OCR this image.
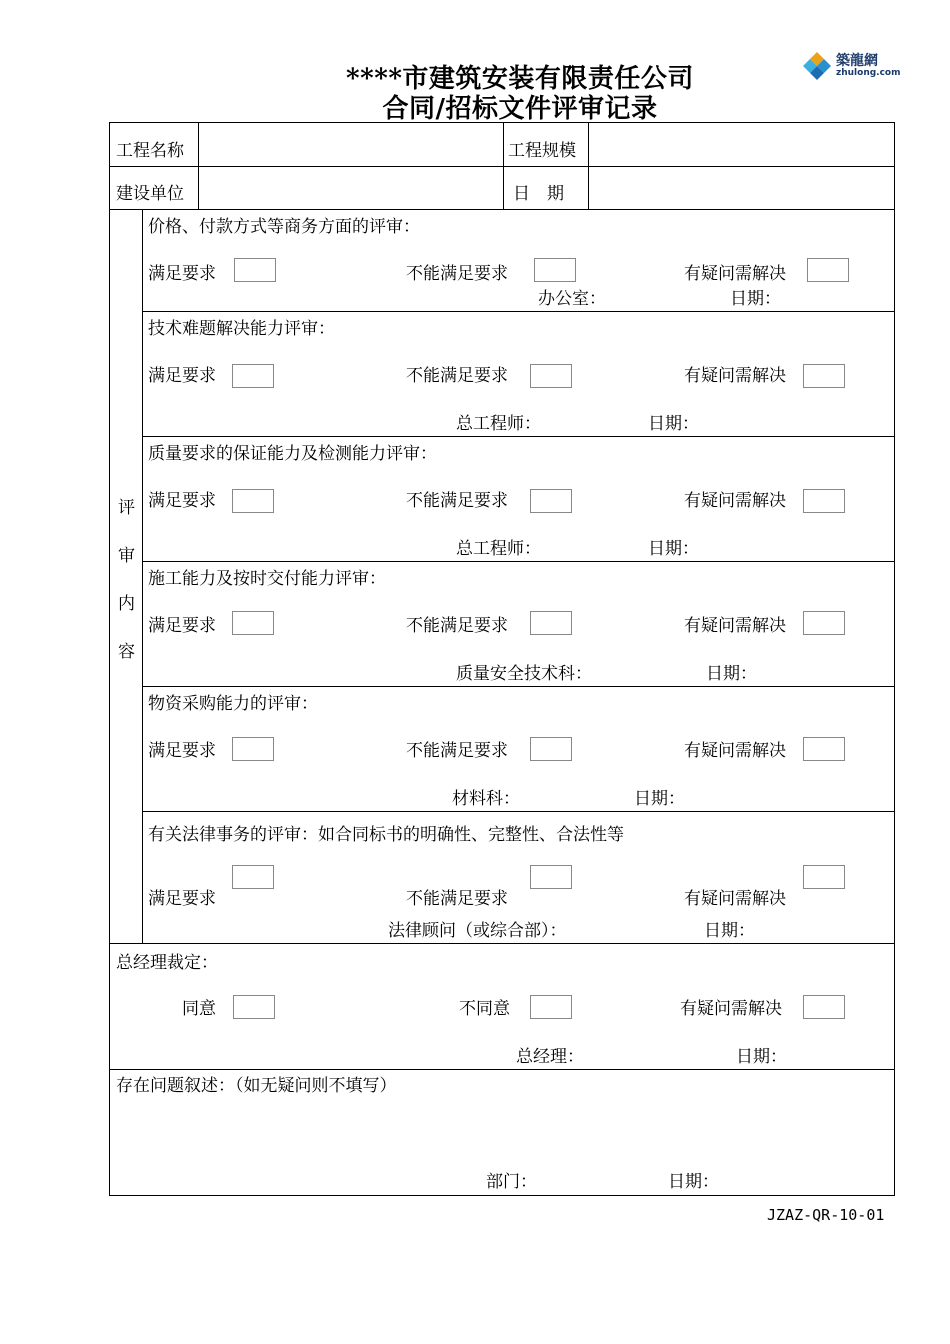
****市建筑安装有限责任公司
合同/招标文件评审记录
築龍網
zhulong.com
工程名称	工程规模
建设单位	日　期
评
审
内
容
价格、付款方式等商务方面的评审：
满足要求	不能满足要求	有疑问需解决
办公室：	日期：
技术难题解决能力评审：
满足要求	不能满足要求	有疑问需解决
总工程师：	日期：
质量要求的保证能力及检测能力评审：
满足要求	不能满足要求	有疑问需解决
总工程师：	日期：
施工能力及按时交付能力评审：
满足要求	不能满足要求	有疑问需解决
质量安全技术科：	日期：
物资采购能力的评审：
满足要求	不能满足要求	有疑问需解决
材料科：	日期：
有关法律事务的评审：如合同标书的明确性、完整性、合法性等
满足要求	不能满足要求	有疑问需解决
法律顾问（或综合部）：	日期：
总经理裁定：
同意	不同意	有疑问需解决
总经理：	日期：
存在问题叙述：（如无疑问则不填写）
部门：	日期：
JZAZ-QR-10-01
